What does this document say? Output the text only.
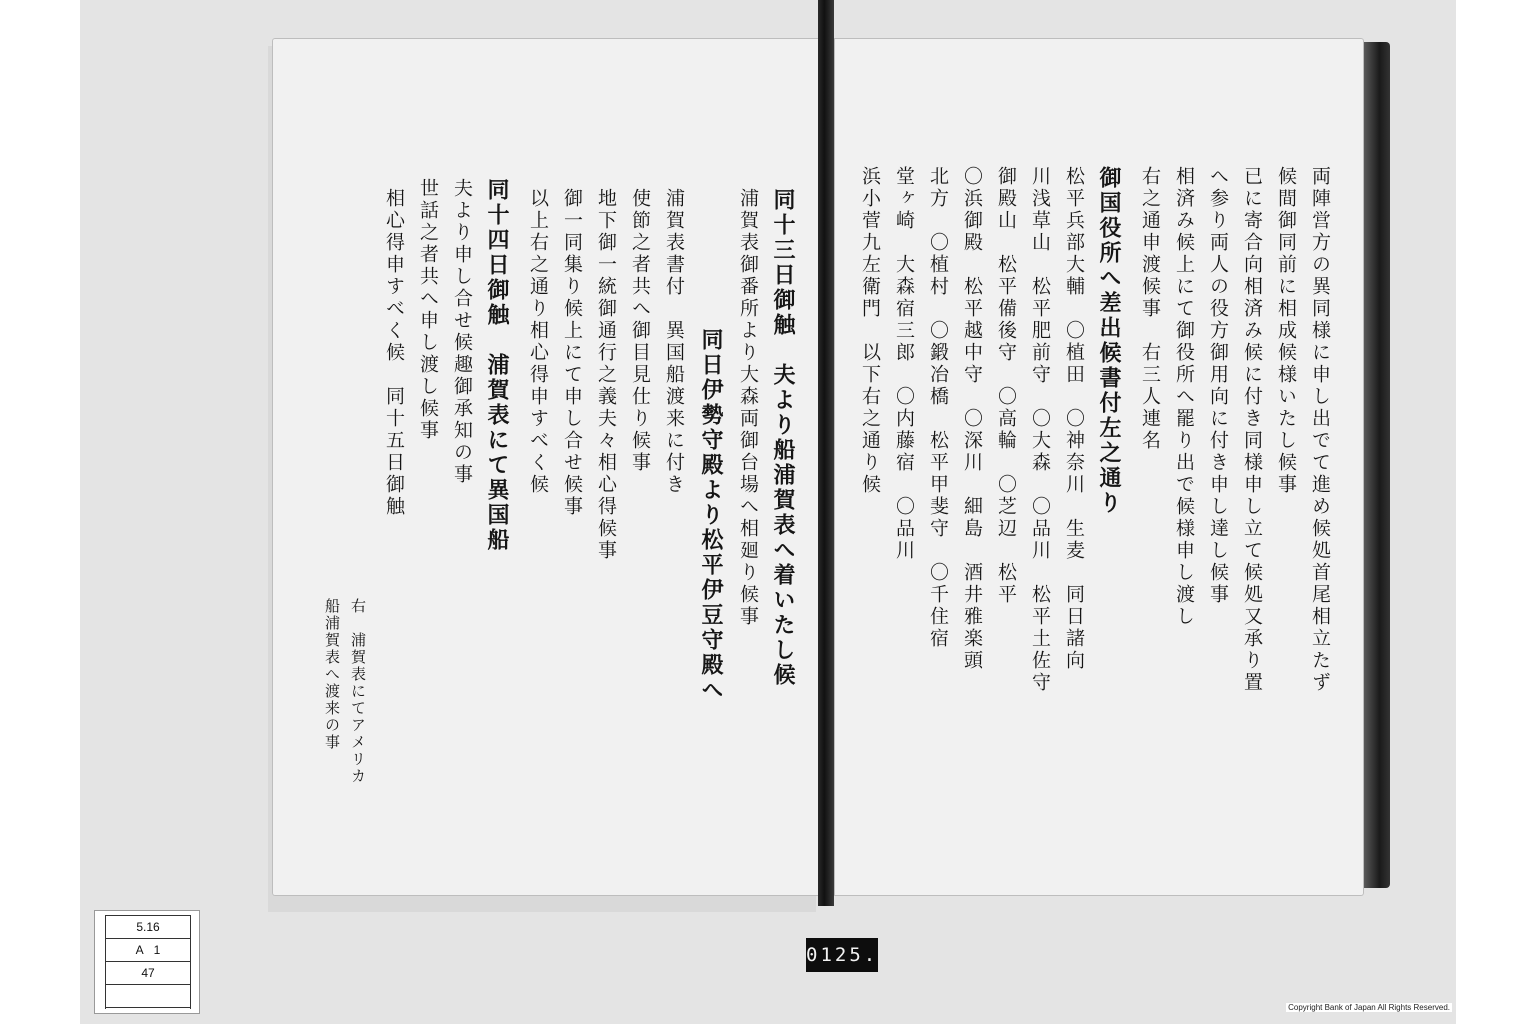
同十三日御触　夫より船浦賀表へ着いたし候
浦賀表御番所より大森両御台場へ相廻り候事
同日伊勢守殿より松平伊豆守殿へ
浦賀表書付　異国船渡来に付き
使節之者共へ御目見仕り候事
地下御一統御通行之義夫々相心得候事
御一同集り候上にて申し合せ候事
以上右之通り相心得申すべく候
同十四日御触　浦賀表にて異国船
夫より申し合せ候趣御承知の事
世話之者共へ申し渡し候事
相心得申すべく候　同十五日御触
右　浦賀表にてアメリカ
船浦賀表へ渡来の事	両陣営方の異同様に申し出でて進め候処首尾相立たず
候間御同前に相成候様いたし候事
已に寄合向相済み候に付き同様申し立て候処又承り置
へ参り両人の役方御用向に付き申し達し候事
相済み候上にて御役所へ罷り出で候様申し渡し
右之通申渡候事　右三人連名
御国役所へ差出候書付左之通り
松平兵部大輔　〇植田　〇神奈川　生麦　同日諸向
川浅草山　松平肥前守　〇大森　〇品川　松平土佐守
御殿山　松平備後守　〇高輪　〇芝辺　松平
〇浜御殿　松平越中守　〇深川　細島　酒井雅楽頭
北方　〇植村　〇鍛冶橋　松平甲斐守　〇千住宿
堂ヶ崎　大森宿三郎　〇内藤宿　〇品川
浜小菅九左衛門　以下右之通り候
5.16
A   1
47
0125.
Copyright Bank of Japan All Rights Reserved.
